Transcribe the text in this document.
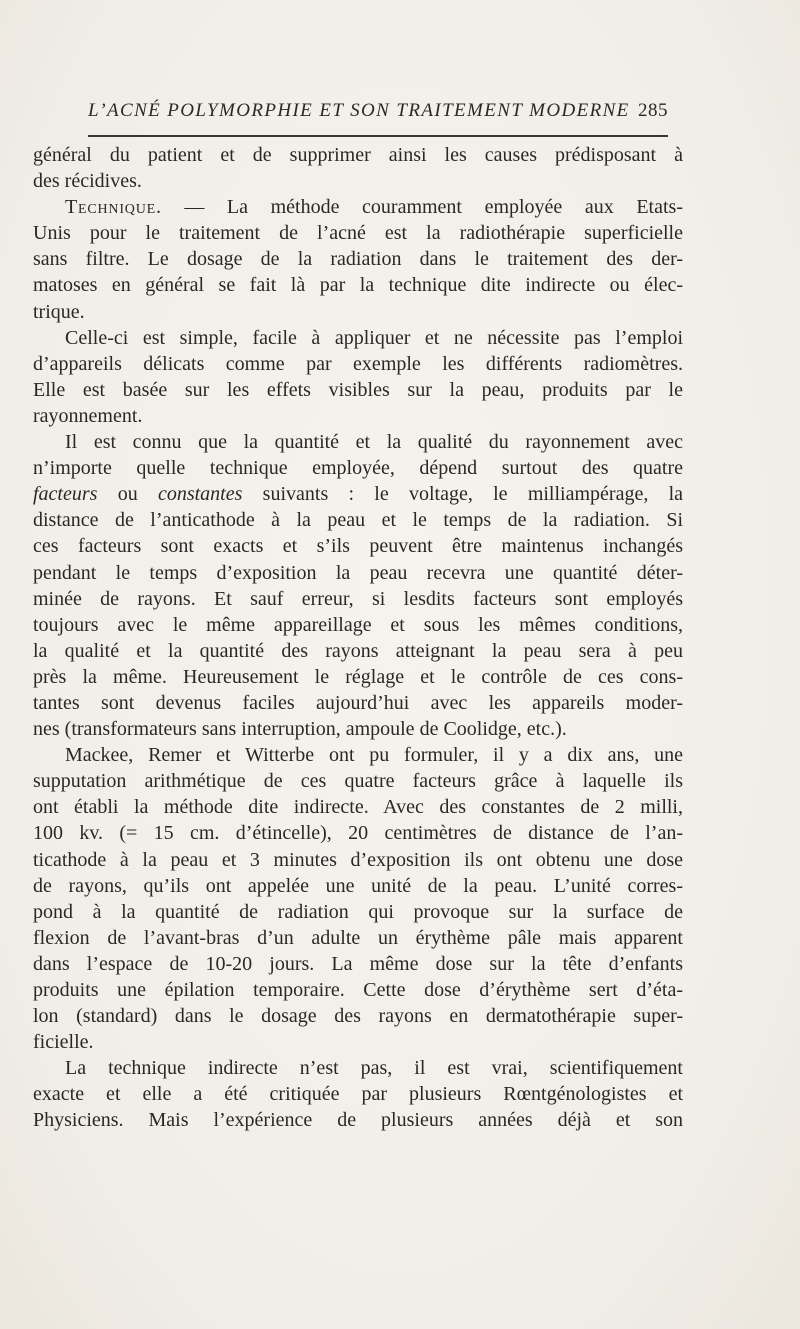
L’ACNÉ POLYMORPHIE ET SON TRAITEMENT MODERNE 285
général du patient et de supprimer ainsi les causes prédisposant à
des récidives.
Technique. — La méthode couramment employée aux Etats-
Unis pour le traitement de l’acné est la radiothérapie superficielle
sans filtre. Le dosage de la radiation dans le traitement des der-
matoses en général se fait là par la technique dite indirecte ou élec-
trique.
Celle-ci est simple, facile à appliquer et ne nécessite pas l’emploi
d’appareils délicats comme par exemple les différents radiomètres.
Elle est basée sur les effets visibles sur la peau, produits par le
rayonnement.
Il est connu que la quantité et la qualité du rayonnement avec
n’importe quelle technique employée, dépend surtout des quatre
facteurs ou constantes suivants : le voltage, le milliampérage, la
distance de l’anticathode à la peau et le temps de la radiation. Si
ces facteurs sont exacts et s’ils peuvent être maintenus inchangés
pendant le temps d’exposition la peau recevra une quantité déter-
minée de rayons. Et sauf erreur, si lesdits facteurs sont employés
toujours avec le même appareillage et sous les mêmes conditions,
la qualité et la quantité des rayons atteignant la peau sera à peu
près la même. Heureusement le réglage et le contrôle de ces cons-
tantes sont devenus faciles aujourd’hui avec les appareils moder-
nes (transformateurs sans interruption, ampoule de Coolidge, etc.).
Mackee, Remer et Witterbe ont pu formuler, il y a dix ans, une
supputation arithmétique de ces quatre facteurs grâce à laquelle ils
ont établi la méthode dite indirecte. Avec des constantes de 2 milli,
100 kv. (= 15 cm. d’étincelle), 20 centimètres de distance de l’an-
ticathode à la peau et 3 minutes d’exposition ils ont obtenu une dose
de rayons, qu’ils ont appelée une unité de la peau. L’unité corres-
pond à la quantité de radiation qui provoque sur la surface de
flexion de l’avant-bras d’un adulte un érythème pâle mais apparent
dans l’espace de 10-20 jours. La même dose sur la tête d’enfants
produits une épilation temporaire. Cette dose d’érythème sert d’éta-
lon (standard) dans le dosage des rayons en dermatothérapie super-
ficielle.
La technique indirecte n’est pas, il est vrai, scientifiquement
exacte et elle a été critiquée par plusieurs Rœntgénologistes et
Physiciens. Mais l’expérience de plusieurs années déjà et son
